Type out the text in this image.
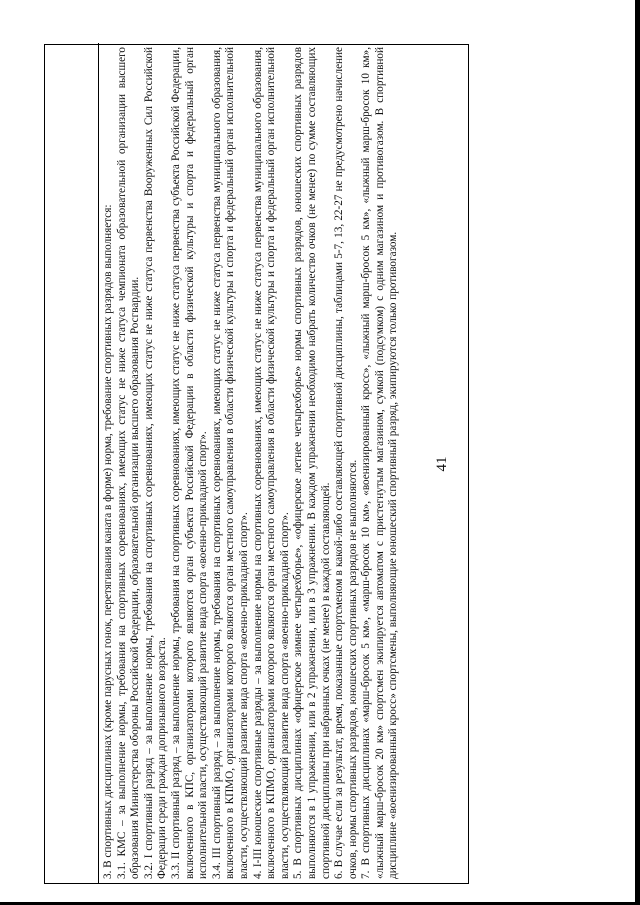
41

3. В спортивных дисциплинах (кроме парусных гонок, перетягивания каната в форме) норма, требование спортивных разрядов выполняется: 3.1. КМС – за выполнение нормы, требования на спортивных соревнованиях, имеющих статус не ниже статуса чемпионата образовательной организации высшего образования Министерства обороны Российской Федерации, образовательной организации высшего образования Росгвардии. 3.2. I спортивный разряд – за выполнение нормы, требования на спортивных соревнованиях, имеющих статус не ниже статуса первенства Вооруженных Сил Российской Федерации среди граждан допризывного возраста. 3.3. II спортивный разряд – за выполнение нормы, требования на спортивных соревнованиях, имеющих статус не ниже статуса первенства субъекта Российской Федерации, включенного в КПС, организаторами которого являются орган субъекта Российской Федерации в области физической культуры и спорта и федеральный орган исполнительной власти, осуществляющий развитие вида спорта «военно-прикладной спорт». 3.4. III спортивный разряд – за выполнение нормы, требования на спортивных соревнованиях, имеющих статус не ниже статуса первенства муниципального образования, включенного в КПМО, организаторами которого являются орган местного самоуправления в области физической культуры и спорта и федеральный орган исполнительной власти, осуществляющий развитие вида спорта «военно-прикладной спорт». 4. I-III юношеские спортивные разряды – за выполнение нормы на спортивных соревнованиях, имеющих статус не ниже статуса первенства муниципального образования, включенного в КПМО, организаторами которого являются орган местного самоуправления в области физической культуры и спорта и федеральный орган исполнительной власти, осуществляющий развитие вида спорта «военно-прикладной спорт». 5. В спортивных дисциплинах «офицерское зимнее четырехборье», «офицерское летнее четырехборье» нормы спортивных разрядов, юношеских спортивных разрядов выполняются в 1 упражнении, или в 2 упражнении, или в 3 упражнении. В каждом упражнении необходимо набрать количество очков (не менее) по сумме составляющих спортивной дисциплины при набранных очках (не менее) в каждой составляющей. 6. В случае если за результат, время, показанные спортсменом в какой-либо составляющей спортивной дисциплины, таблицами 5-7, 13, 22-27 не предусмотрено начисление очков, нормы спортивных разрядов, юношеских спортивных разрядов не выполняются. 7. В спортивных дисциплинах «марш-бросок 5 км», «марш-бросок 10 км», «военизированный кросс», «лыжный марш-бросок 5 км», «лыжный марш-бросок 10 км», «лыжный марш-бросок 20 км» спортсмен экипируется автоматом с пристегнутым магазином, сумкой (подсумком) с одним магазином и противогазом. В спортивной дисциплине «военизированный кросс» спортсмены, выполняющие юношеский спортивный разряд, экипируются только противогазом.
